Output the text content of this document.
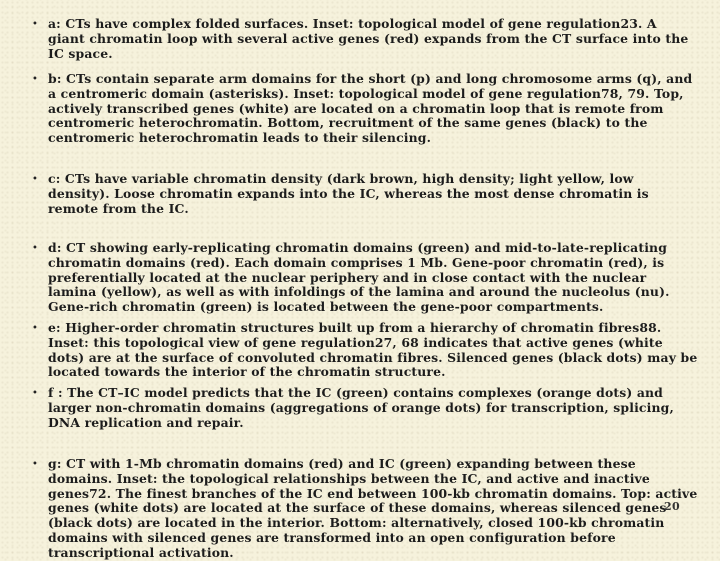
• a: CTs have complex folded surfaces. Inset: topological model of gene regulation23. A giant chromatin loop with several active genes (red) expands from the CT surface into the IC space.
• b: CTs contain separate arm domains for the short (p) and long chromosome arms (q), and a centromeric domain (asterisks). Inset: topological model of gene regulation78, 79. Top, actively transcribed genes (white) are located on a chromatin loop that is remote from centromeric heterochromatin. Bottom, recruitment of the same genes (black) to the centromeric heterochromatin leads to their silencing.
• c: CTs have variable chromatin density (dark brown, high density; light yellow, low density). Loose chromatin expands into the IC, whereas the most dense chromatin is remote from the IC.
• d: CT showing early-replicating chromatin domains (green) and mid-to-late-replicating chromatin domains (red). Each domain comprises 1 Mb. Gene-poor chromatin (red), is preferentially located at the nuclear periphery and in close contact with the nuclear lamina (yellow), as well as with infoldings of the lamina and around the nucleolus (nu). Gene-rich chromatin (green) is located between the gene-poor compartments.
• e: Higher-order chromatin structures built up from a hierarchy of chromatin fibres88. Inset: this topological view of gene regulation27, 68 indicates that active genes (white dots) are at the surface of convoluted chromatin fibres. Silenced genes (black dots) may be located towards the interior of the chromatin structure.
• f : The CT–IC model predicts that the IC (green) contains complexes (orange dots) and larger non-chromatin domains (aggregations of orange dots) for transcription, splicing, DNA replication and repair.
• g: CT with 1-Mb chromatin domains (red) and IC (green) expanding between these domains. Inset: the topological relationships between the IC, and active and inactive genes72. The finest branches of the IC end between 100-kb chromatin domains. Top: active genes (white dots) are located at the surface of these domains, whereas silenced genes (black dots) are located in the interior. Bottom: alternatively, closed 100-kb chromatin domains with silenced genes are transformed into an open configuration before transcriptional activation.
20
